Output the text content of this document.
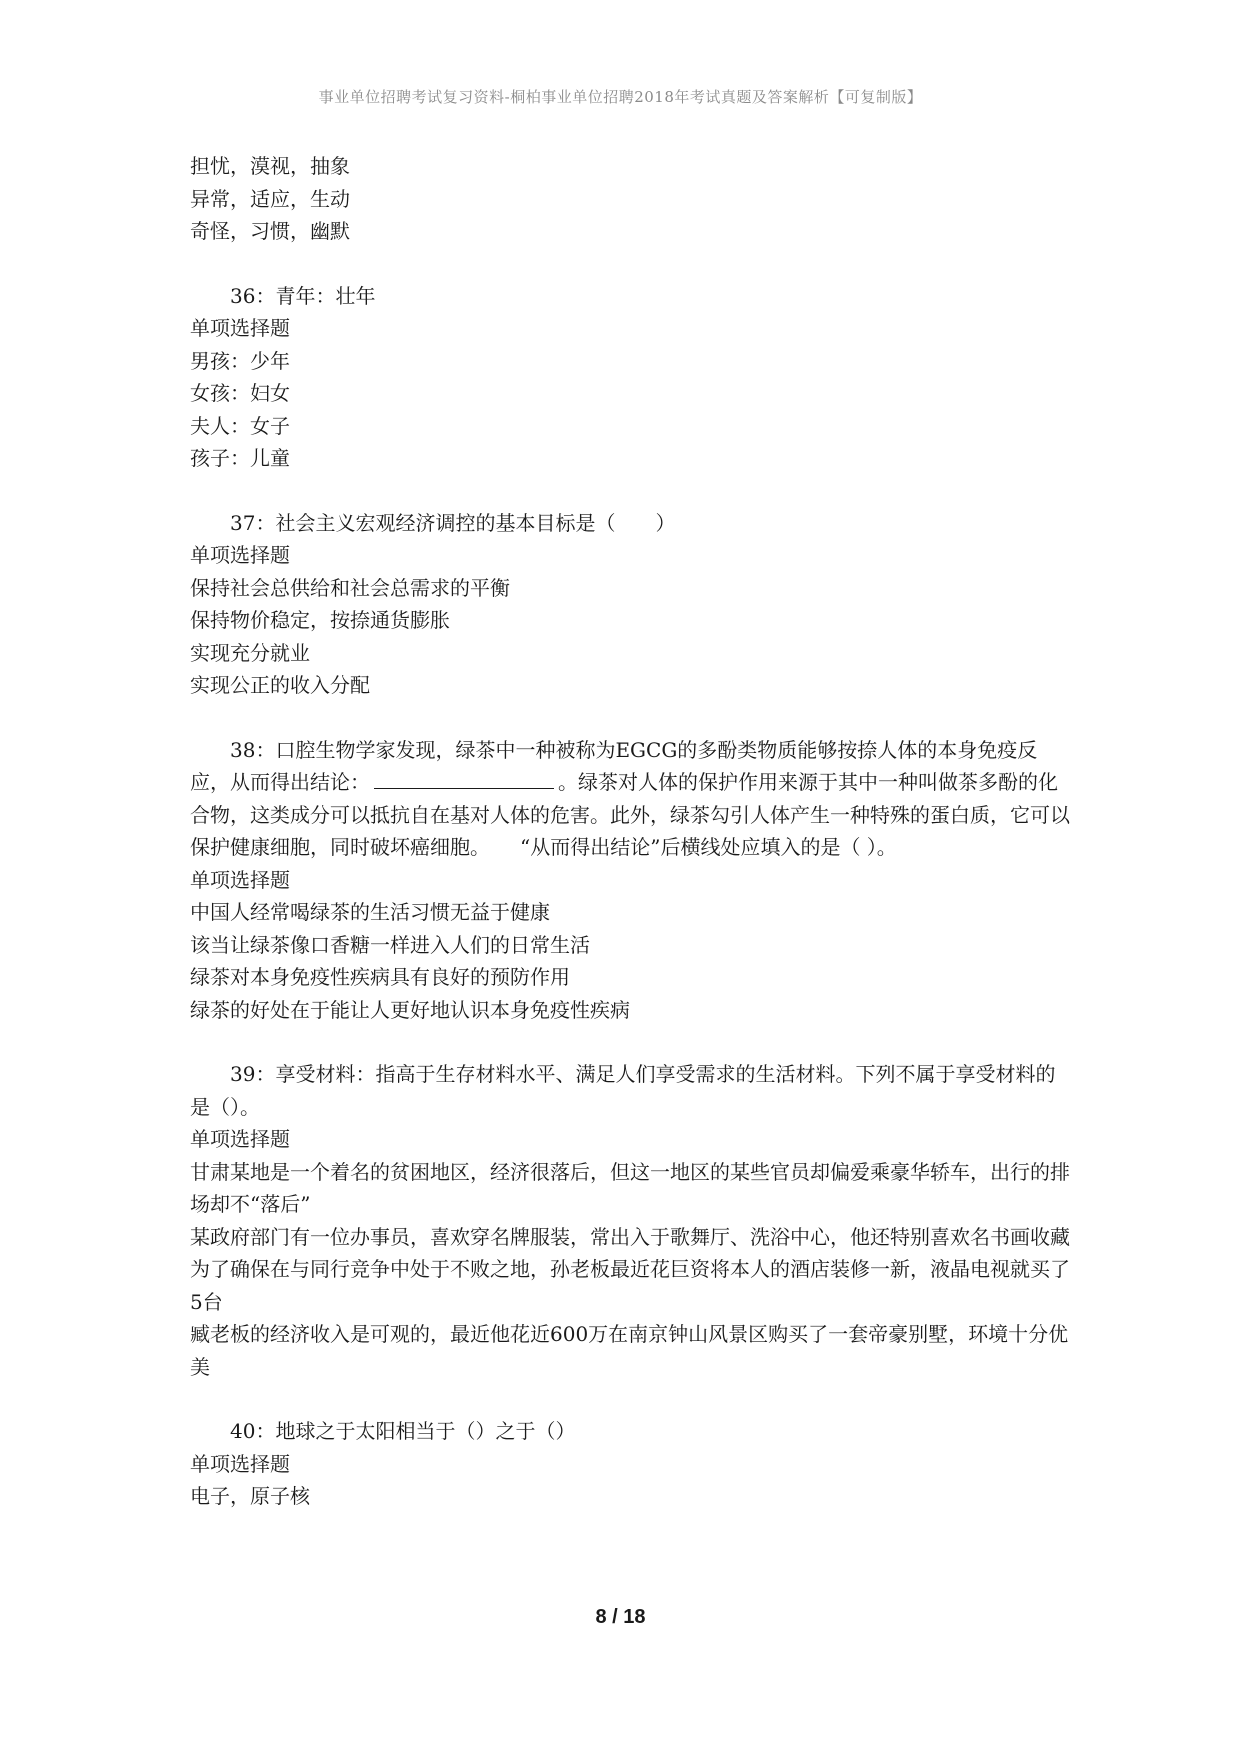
事业单位招聘考试复习资料-桐柏事业单位招聘2018年考试真题及答案解析【可复制版】
担忧，漠视，抽象
异常，适应，生动
奇怪，习惯，幽默
36：青年：壮年
单项选择题
男孩：少年
女孩：妇女
夫人：女子
孩子：儿童
37：社会主义宏观经济调控的基本目标是（　　）
单项选择题
保持社会总供给和社会总需求的平衡
保持物价稳定，按捺通货膨胀
实现充分就业
实现公正的收入分配
38：口腔生物学家发现，绿茶中一种被称为EGCG的多酚类物质能够按捺人体的本身免疫反应，从而得出结论：	。绿茶对人体的保护作用来源于其中一种叫做茶多酚的化合物，这类成分可以抵抗自在基对人体的危害。此外，绿茶勾引人体产生一种特殊的蛋白质，它可以保护健康细胞，同时破坏癌细胞。　　“从而得出结论”后横线处应填入的是（ ）。
单项选择题
中国人经常喝绿茶的生活习惯无益于健康
该当让绿茶像口香糖一样进入人们的日常生活
绿茶对本身免疫性疾病具有良好的预防作用
绿茶的好处在于能让人更好地认识本身免疫性疾病
39：享受材料：指高于生存材料水平、满足人们享受需求的生活材料。下列不属于享受材料的是（）。
单项选择题
甘肃某地是一个着名的贫困地区，经济很落后，但这一地区的某些官员却偏爱乘豪华轿车，出行的排场却不“落后”
某政府部门有一位办事员，喜欢穿名牌服装，常出入于歌舞厅、洗浴中心，他还特别喜欢名书画收藏
为了确保在与同行竞争中处于不败之地，孙老板最近花巨资将本人的酒店装修一新，液晶电视就买了5台
臧老板的经济收入是可观的，最近他花近600万在南京钟山风景区购买了一套帝豪别墅，环境十分优美
40：地球之于太阳相当于（）之于（）
单项选择题
电子，原子核
8 / 18
